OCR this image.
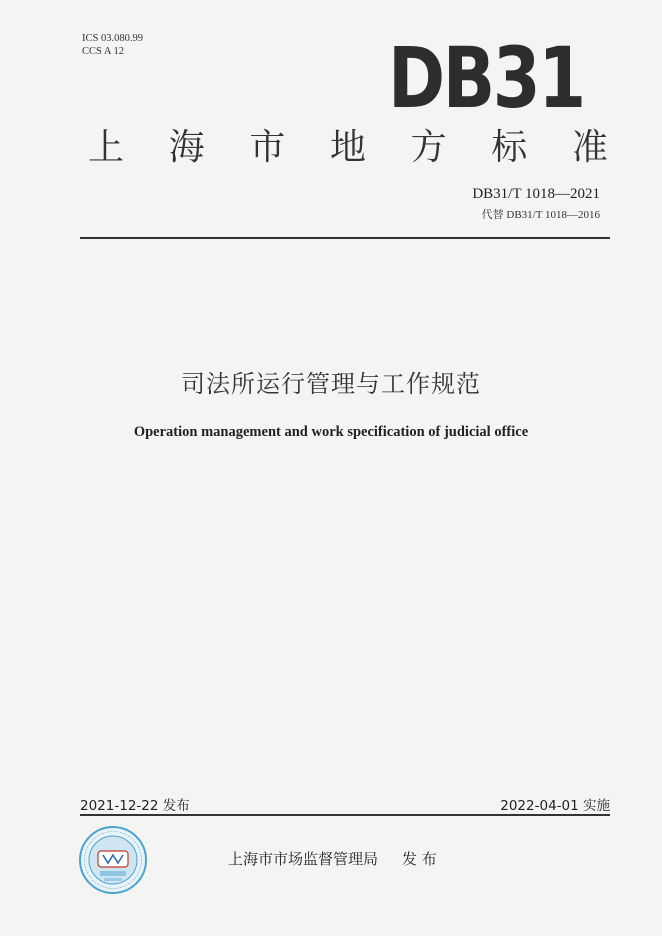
ICS 03.080.99
CCS A 12	DB31
上 海 市 地 方 标 准
DB31/T 1018—2021
代替 DB31/T 1018—2016
司法所运行管理与工作规范
Operation management and work specification of judicial office
2021-12-22 发布	2022-04-01 实施
上海市市场监督管理局 发 布
